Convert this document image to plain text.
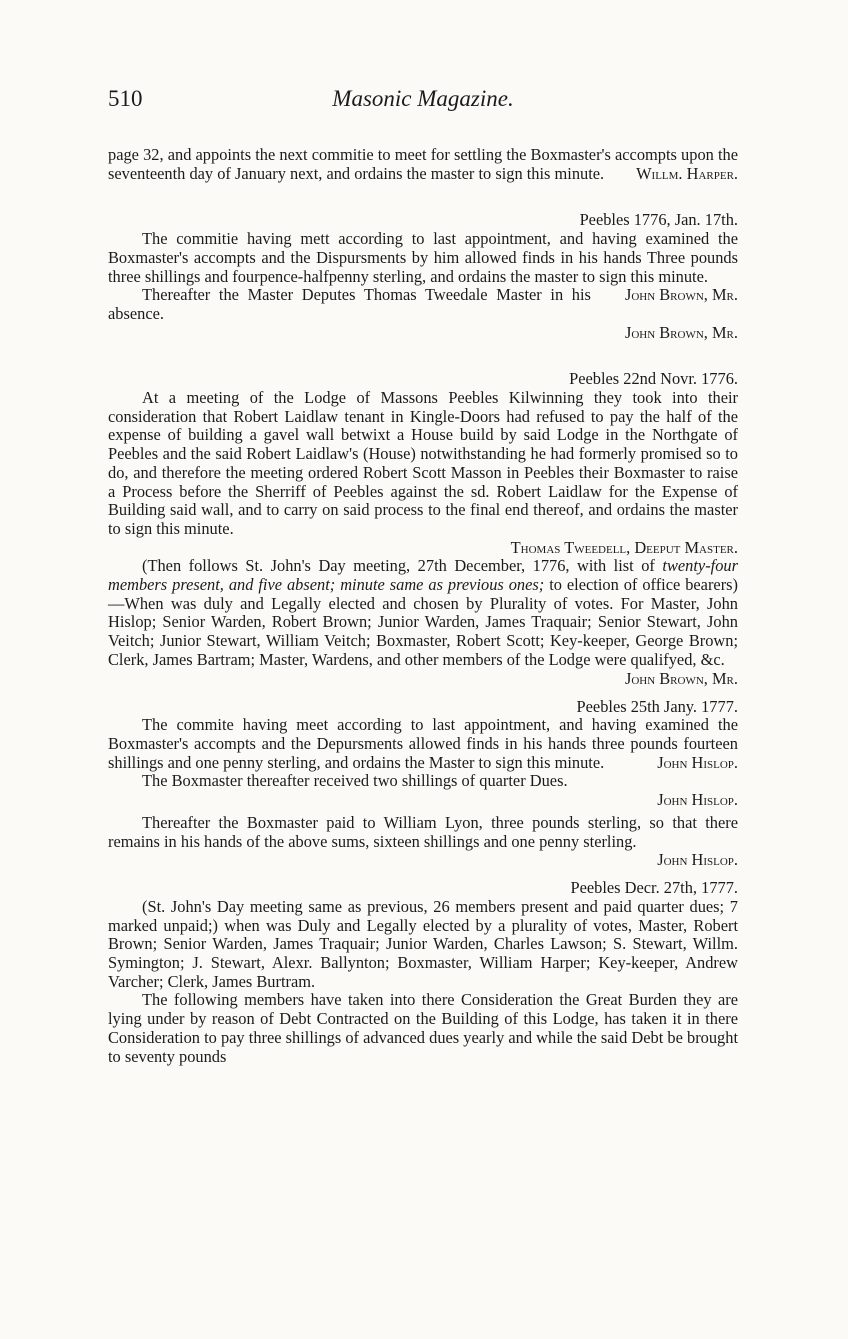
510	Masonic Magazine.

page 32, and appoints the next commitie to meet for settling the Boxmaster's accompts upon the seventeenth day of January next, and ordains the master to sign this minute. Willm. Harper.

Peebles 1776, Jan. 17th.

The commitie having mett according to last appointment, and having examined the Boxmaster's accompts and the Dispursments by him allowed finds in his hands Three pounds three shillings and fourpence-halfpenny sterling, and ordains the master to sign this minute.
John Brown, Mr.

Thereafter the Master Deputes Thomas Tweedale Master in his absence.

John Brown, Mr.

Peebles 22nd Novr. 1776.

At a meeting of the Lodge of Massons Peebles Kilwinning they took into their consideration that Robert Laidlaw tenant in Kingle-Doors had refused to pay the half of the expense of building a gavel wall betwixt a House build by said Lodge in the Northgate of Peebles and the said Robert Laidlaw's (House) notwithstanding he had formerly promised so to do, and therefore the meeting ordered Robert Scott Masson in Peebles their Boxmaster to raise a Process before the Sherriff of Peebles against the sd. Robert Laidlaw for the Expense of Building said wall, and to carry on said process to the final end thereof, and ordains the master to sign this minute.

Thomas Tweedell, Deeput Master.

(Then follows St. John's Day meeting, 27th December, 1776, with list of twenty-four members present, and five absent; minute same as previous ones; to election of office bearers)—When was duly and Legally elected and chosen by Plurality of votes. For Master, John Hislop; Senior Warden, Robert Brown; Junior Warden, James Traquair; Senior Stewart, John Veitch; Junior Stewart, William Veitch; Boxmaster, Robert Scott; Key-keeper, George Brown; Clerk, James Bartram; Master, Wardens, and other members of the Lodge were qualifyed, &c.
John Brown, Mr.

Peebles 25th Jany. 1777.

The commite having meet according to last appointment, and having examined the Boxmaster's accompts and the Depursments allowed finds in his hands three pounds fourteen shillings and one penny sterling, and ordains the Master to sign this minute.	John Hislop.

The Boxmaster thereafter received two shillings of quarter Dues.

John Hislop.

Thereafter the Boxmaster paid to William Lyon, three pounds sterling, so that there remains in his hands of the above sums, sixteen shillings and one penny sterling.
John Hislop.

Peebles Decr. 27th, 1777.

(St. John's Day meeting same as previous, 26 members present and paid quarter dues; 7 marked unpaid;) when was Duly and Legally elected by a plurality of votes, Master, Robert Brown; Senior Warden, James Traquair; Junior Warden, Charles Lawson; S. Stewart, Willm. Symington; J. Stewart, Alexr. Ballynton; Boxmaster, William Harper; Key-keeper, Andrew Varcher; Clerk, James Burtram.

The following members have taken into there Consideration the Great Burden they are lying under by reason of Debt Contracted on the Building of this Lodge, has taken it in there Consideration to pay three shillings of advanced dues yearly and while the said Debt be brought to seventy pounds
